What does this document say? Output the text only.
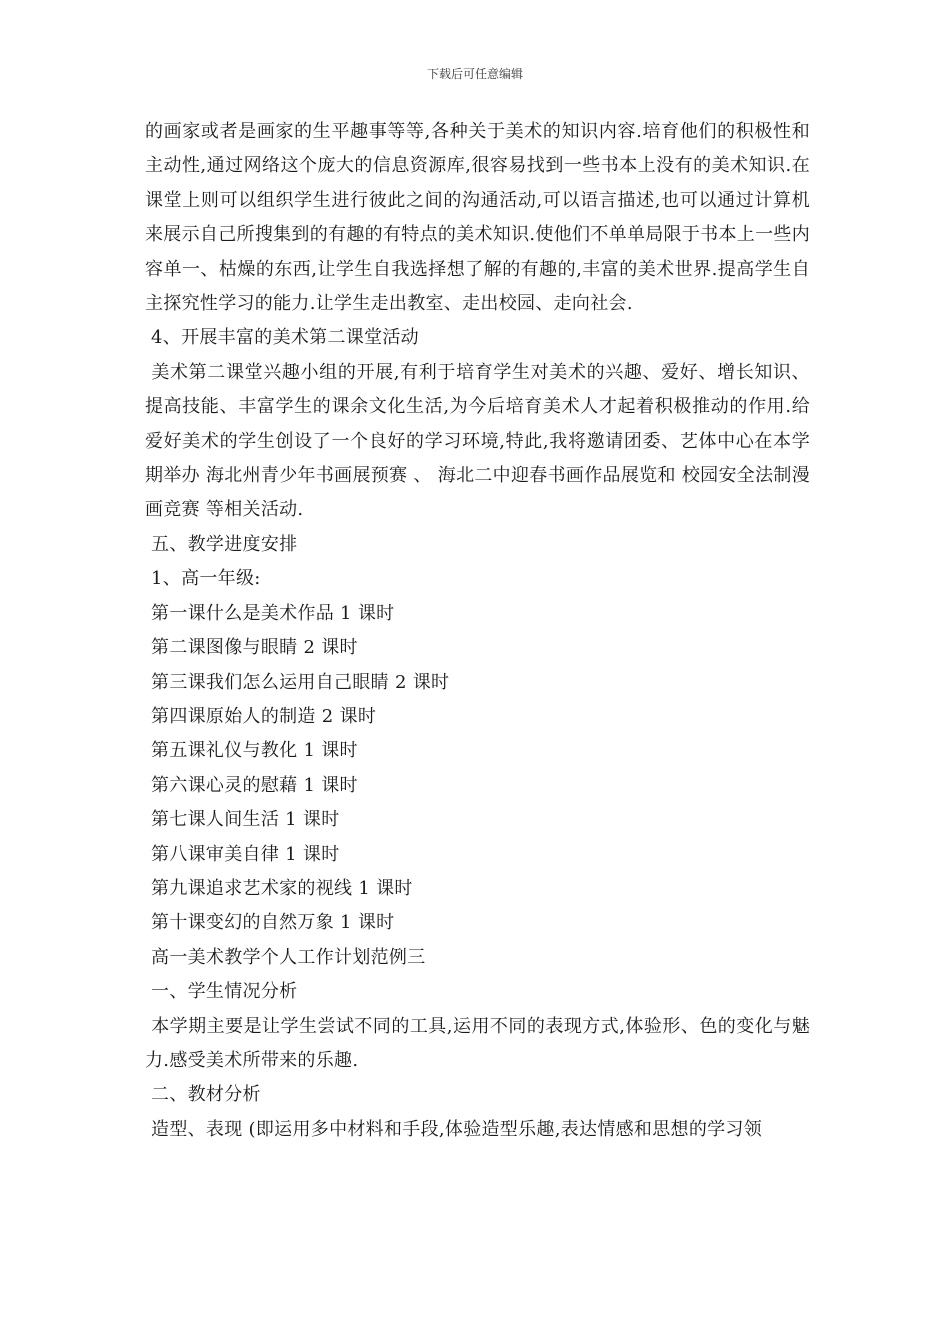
下载后可任意编辑

的画家或者是画家的生平趣事等等,各种关于美术的知识内容.培育他们的积极性和主动性,通过网络这个庞大的信息资源库,很容易找到一些书本上没有的美术知识.在课堂上则可以组织学生进行彼此之间的沟通活动,可以语言描述,也可以通过计算机来展示自己所搜集到的有趣的有特点的美术知识.使他们不单单局限于书本上一些内容单一、枯燥的东西,让学生自我选择想了解的有趣的,丰富的美术世界.提高学生自主探究性学习的能力.让学生走出教室、走出校园、走向社会.

4、开展丰富的美术第二课堂活动

美术第二课堂兴趣小组的开展,有利于培育学生对美术的兴趣、爱好、增长知识、提高技能、丰富学生的课余文化生活,为今后培育美术人才起着积极推动的作用.给爱好美术的学生创设了一个良好的学习环境,特此,我将邀请团委、艺体中心在本学期举办 海北州青少年书画展预赛 、 海北二中迎春书画作品展览和 校园安全法制漫画竞赛 等相关活动.

五、教学进度安排

1、高一年级:

第一课什么是美术作品 1 课时

第二课图像与眼睛 2 课时

第三课我们怎么运用自己眼睛 2 课时

第四课原始人的制造 2 课时

第五课礼仪与教化 1 课时

第六课心灵的慰藉 1 课时

第七课人间生活 1 课时

第八课审美自律 1 课时

第九课追求艺术家的视线 1 课时

第十课变幻的自然万象 1 课时

高一美术教学个人工作计划范例三

一、学生情况分析

本学期主要是让学生尝试不同的工具,运用不同的表现方式,体验形、色的变化与魅力.感受美术所带来的乐趣.

二、教材分析

造型、表现 (即运用多中材料和手段,体验造型乐趣,表达情感和思想的学习领
